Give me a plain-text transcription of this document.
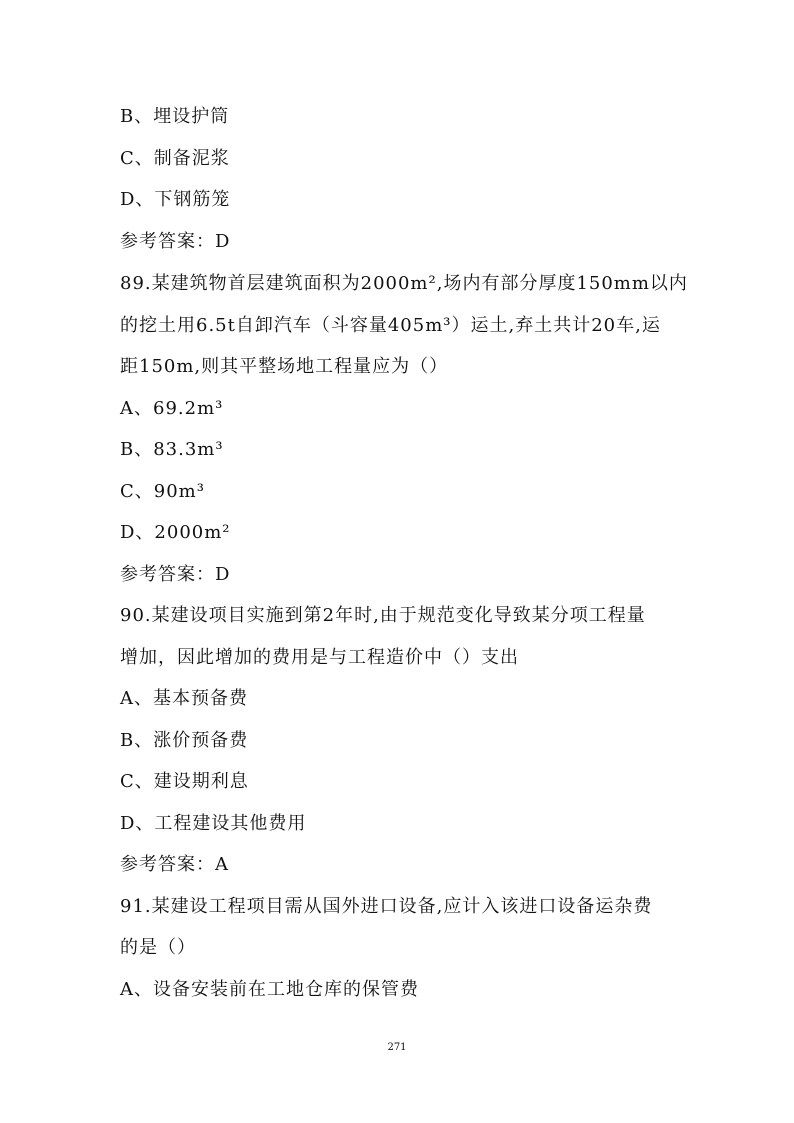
B、埋设护筒
C、制备泥浆
D、下钢筋笼
参考答案：D
89.某建筑物首层建筑面积为2000m²,场内有部分厚度150mm以内
的挖土用6.5t自卸汽车（斗容量405m³）运土,弃土共计20车,运
距150m,则其平整场地工程量应为（）
A、69.2m³
B、83.3m³
C、90m³
D、2000m²
参考答案：D
90.某建设项目实施到第2年时,由于规范变化导致某分项工程量
增加，因此增加的费用是与工程造价中（）支出
A、基本预备费
B、涨价预备费
C、建设期利息
D、工程建设其他费用
参考答案：A
91.某建设工程项目需从国外进口设备,应计入该进口设备运杂费
的是（）
A、设备安装前在工地仓库的保管费
271
